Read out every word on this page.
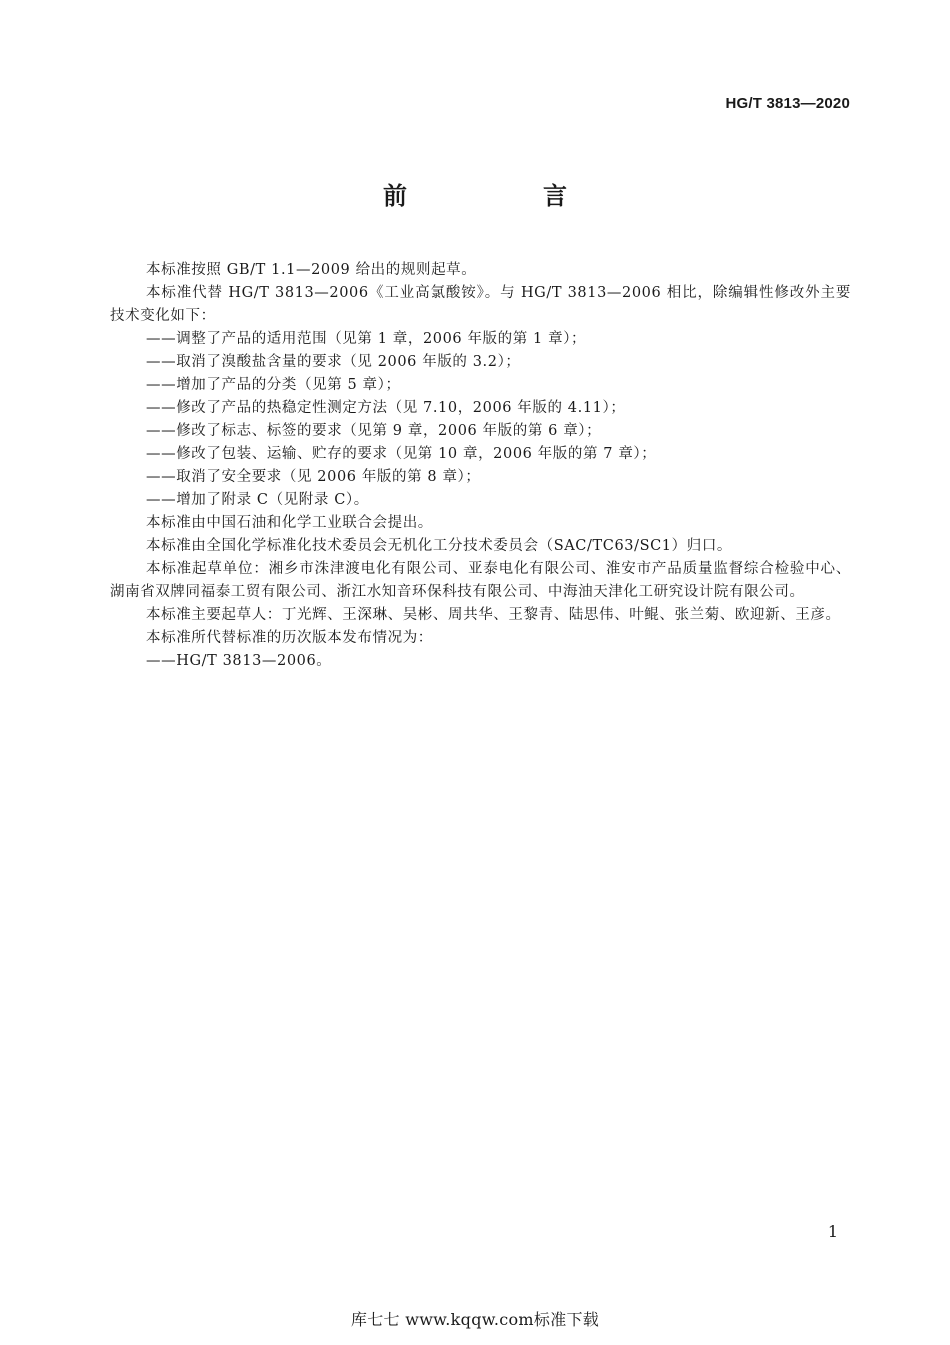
HG/T 3813—2020
前　言

本标准按照 GB/T 1.1—2009 给出的规则起草。

本标准代替 HG/T 3813—2006《工业高氯酸铵》。与 HG/T 3813—2006 相比，除编辑性修改外主要技术变化如下：

——调整了产品的适用范围（见第 1 章，2006 年版的第 1 章）；

——取消了溴酸盐含量的要求（见 2006 年版的 3.2）；

——增加了产品的分类（见第 5 章）；

——修改了产品的热稳定性测定方法（见 7.10，2006 年版的 4.11）；

——修改了标志、标签的要求（见第 9 章，2006 年版的第 6 章）；

——修改了包装、运输、贮存的要求（见第 10 章，2006 年版的第 7 章）；

——取消了安全要求（见 2006 年版的第 8 章）；

——增加了附录 C（见附录 C）。

本标准由中国石油和化学工业联合会提出。

本标准由全国化学标准化技术委员会无机化工分技术委员会（SAC/TC63/SC1）归口。

本标准起草单位：湘乡市洙津渡电化有限公司、亚泰电化有限公司、淮安市产品质量监督综合检验中心、湖南省双牌同福泰工贸有限公司、浙江水知音环保科技有限公司、中海油天津化工研究设计院有限公司。

本标准主要起草人：丁光辉、王深琳、吴彬、周共华、王黎青、陆思伟、叶鲲、张兰菊、欧迎新、王彦。

本标准所代替标准的历次版本发布情况为：

——HG/T 3813—2006。

1
库七七 www.kqqw.com标准下载
